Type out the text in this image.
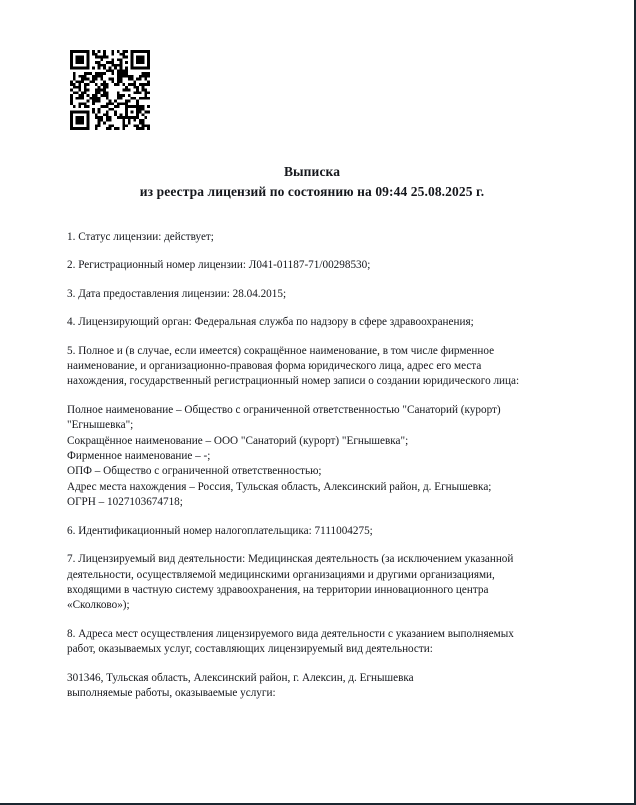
Выписка
из реестра лицензий по состоянию на 09:44 25.08.2025 г.

1. Статус лицензии: действует;

2. Регистрационный номер лицензии: Л041-01187-71/00298530;

3. Дата предоставления лицензии: 28.04.2015;

4. Лицензирующий орган: Федеральная служба по надзору в сфере здравоохранения;

5. Полное и (в случае, если имеется) сокращённое наименование, в том числе фирменное
наименование, и организационно-правовая форма юридического лица, адрес его места
нахождения, государственный регистрационный номер записи о создании юридического лица:

Полное наименование – Общество с ограниченной ответственностью "Санаторий (курорт)
"Егнышевка";
Сокращённое наименование – ООО "Санаторий (курорт) "Егнышевка";
Фирменное наименование – -;
ОПФ – Общество с ограниченной ответственностью;
Адрес места нахождения – Россия, Тульская область, Алексинский район, д. Егнышевка;
ОГРН – 1027103674718;

6. Идентификационный номер налогоплательщика: 7111004275;

7. Лицензируемый вид деятельности: Медицинская деятельность (за исключением указанной
деятельности, осуществляемой медицинскими организациями и другими организациями,
входящими в частную систему здравоохранения, на территории инновационного центра
«Сколково»);

8. Адреса мест осуществления лицензируемого вида деятельности с указанием выполняемых
работ, оказываемых услуг, составляющих лицензируемый вид деятельности:

301346, Тульская область, Алексинский район, г. Алексин, д. Егнышевка
выполняемые работы, оказываемые услуги:
